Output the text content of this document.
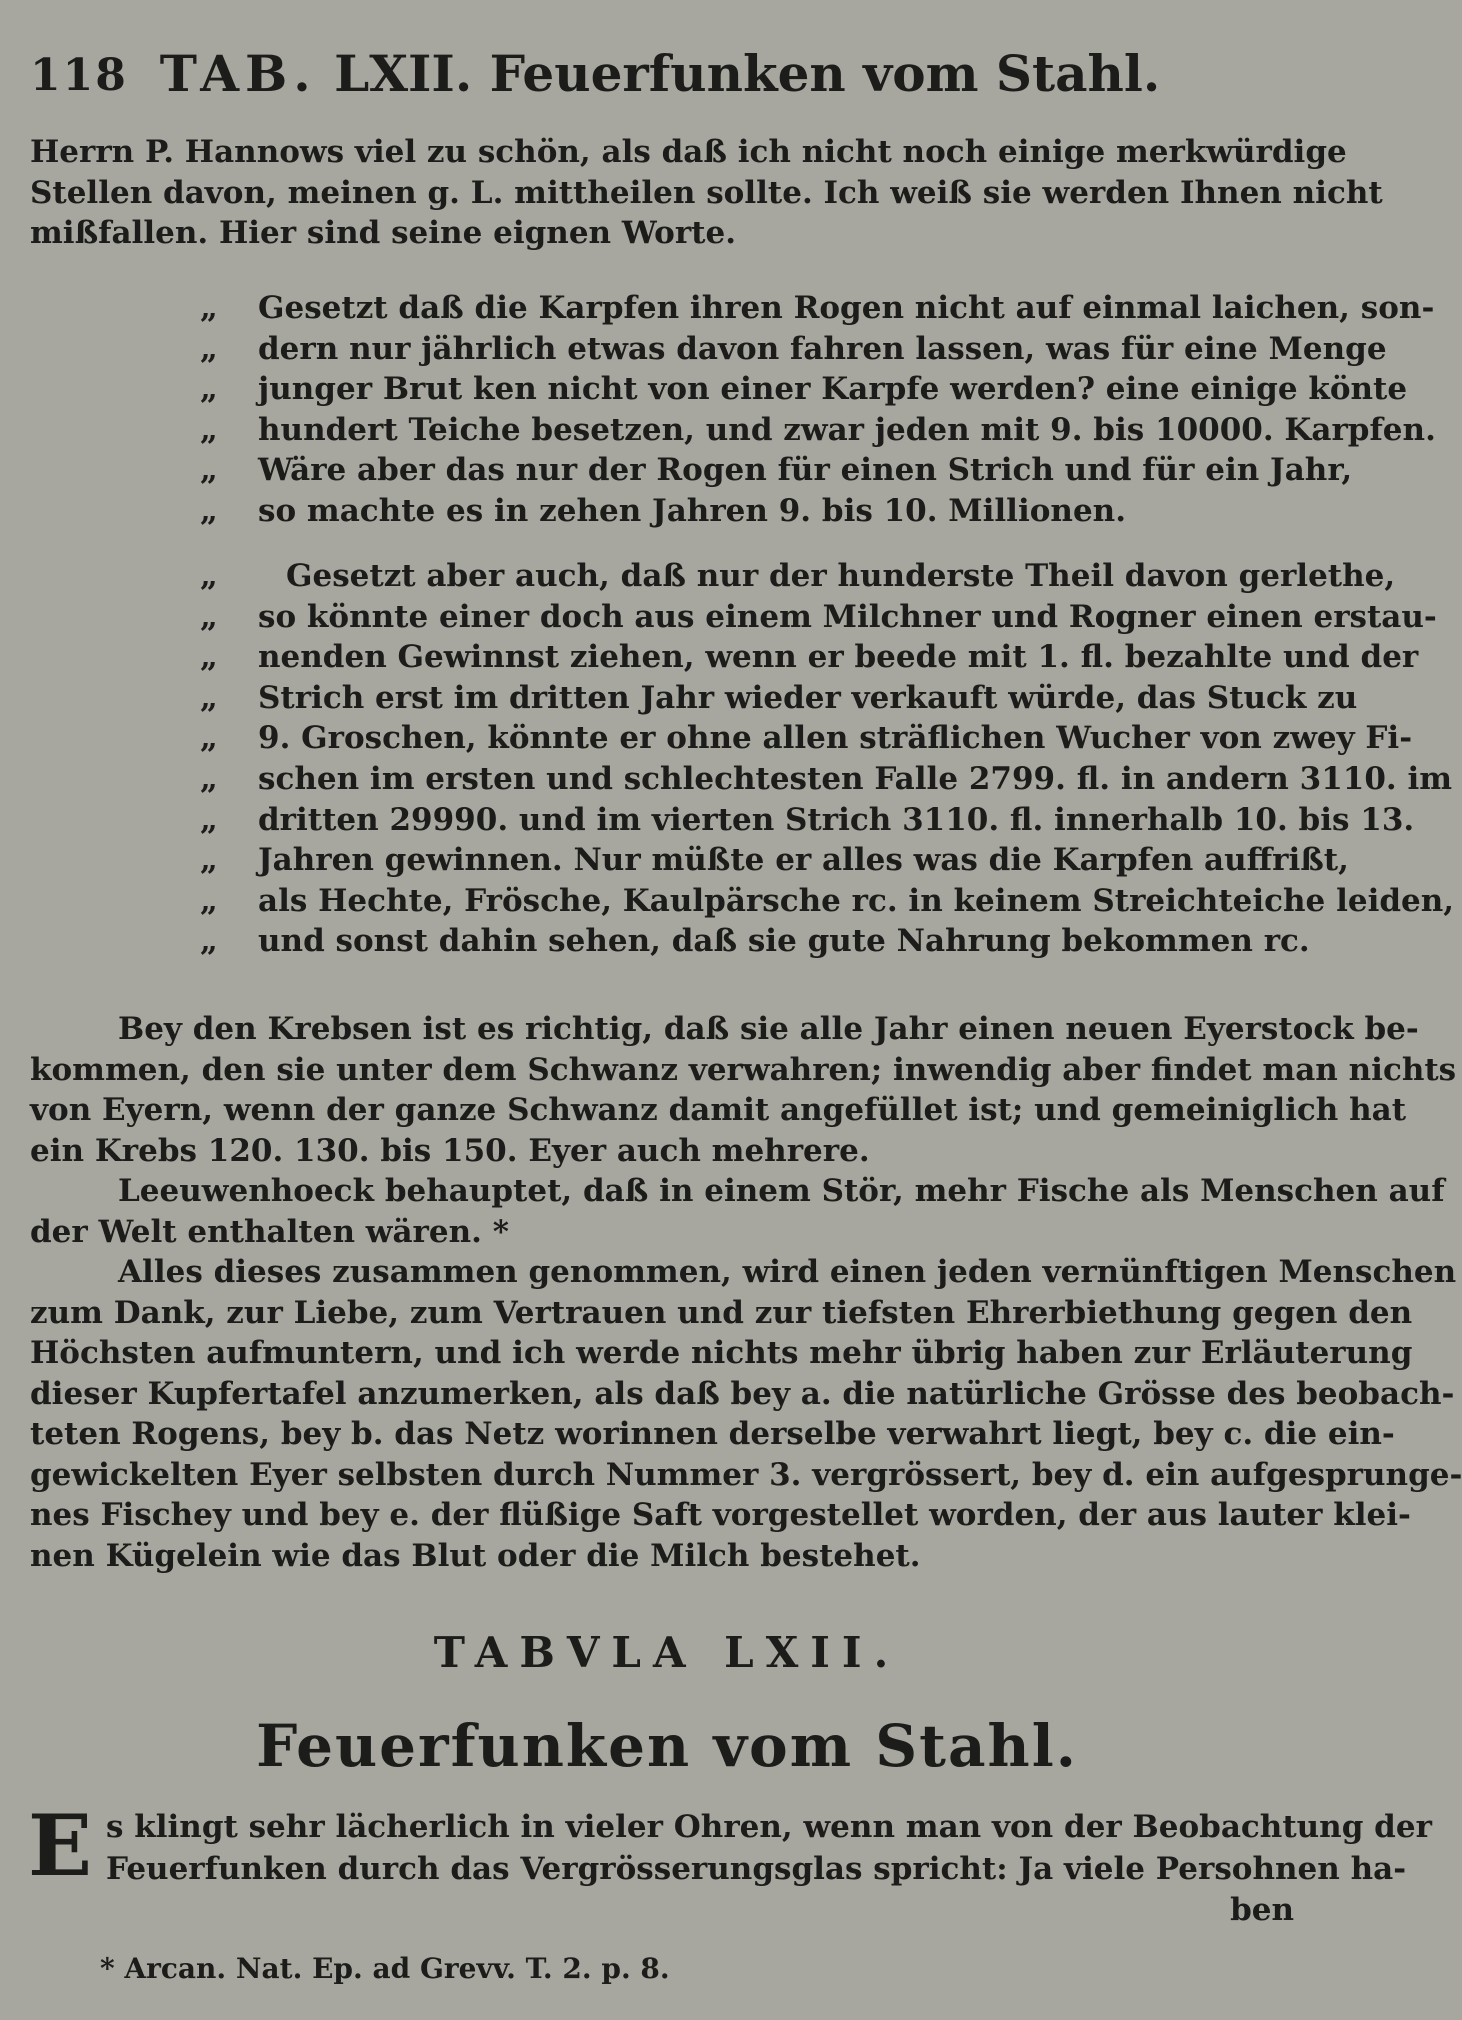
118 TAB. LXII. Feuerfunken vom Stahl.
Herrn P. Hannows viel zu schön, als daß ich nicht noch einige merkwürdige
Stellen davon, meinen g. L. mittheilen sollte. Ich weiß sie werden Ihnen nicht
mißfallen. Hier sind seine eignen Worte.
„ Gesetzt daß die Karpfen ihren Rogen nicht auf einmal laichen, son-
„ dern nur jährlich etwas davon fahren lassen, was für eine Menge
„ junger Brut ken nicht von einer Karpfe werden? eine einige könte
„ hundert Teiche besetzen, und zwar jeden mit 9. bis 10000. Karpfen.
„ Wäre aber das nur der Rogen für einen Strich und für ein Jahr,
„ so machte es in zehen Jahren 9. bis 10. Millionen.
„ Gesetzt aber auch, daß nur der hunderste Theil davon gerlethe,
„ so könnte einer doch aus einem Milchner und Rogner einen erstau-
„ nenden Gewinnst ziehen, wenn er beede mit 1. fl. bezahlte und der
„ Strich erst im dritten Jahr wieder verkauft würde, das Stuck zu
„ 9. Groschen, könnte er ohne allen sträflichen Wucher von zwey Fi-
„ schen im ersten und schlechtesten Falle 2799. fl. in andern 3110. im
„ dritten 29990. und im vierten Strich 3110. fl. innerhalb 10. bis 13.
„ Jahren gewinnen. Nur müßte er alles was die Karpfen auffrißt,
„ als Hechte, Frösche, Kaulpärsche rc. in keinem Streichteiche leiden,
„ und sonst dahin sehen, daß sie gute Nahrung bekommen rc.
Bey den Krebsen ist es richtig, daß sie alle Jahr einen neuen Eyerstock be-
kommen, den sie unter dem Schwanz verwahren; inwendig aber findet man nichts
von Eyern, wenn der ganze Schwanz damit angefüllet ist; und gemeiniglich hat
ein Krebs 120. 130. bis 150. Eyer auch mehrere.
Leeuwenhoeck behauptet, daß in einem Stör, mehr Fische als Menschen auf
der Welt enthalten wären. *
Alles dieses zusammen genommen, wird einen jeden vernünftigen Menschen
zum Dank, zur Liebe, zum Vertrauen und zur tiefsten Ehrerbiethung gegen den
Höchsten aufmuntern, und ich werde nichts mehr übrig haben zur Erläuterung
dieser Kupfertafel anzumerken, als daß bey a. die natürliche Grösse des beobach-
teten Rogens, bey b. das Netz worinnen derselbe verwahrt liegt, bey c. die ein-
gewickelten Eyer selbsten durch Nummer 3. vergrössert, bey d. ein aufgesprunge-
nes Fischey und bey e. der flüßige Saft vorgestellet worden, der aus lauter klei-
nen Kügelein wie das Blut oder die Milch bestehet.
TABVLA LXII.
Feuerfunken vom Stahl.
E s klingt sehr lächerlich in vieler Ohren, wenn man von der Beobachtung der
Feuerfunken durch das Vergrösserungsglas spricht: Ja viele Persohnen ha-
ben
* Arcan. Nat. Ep. ad Grevv. T. 2. p. 8.
